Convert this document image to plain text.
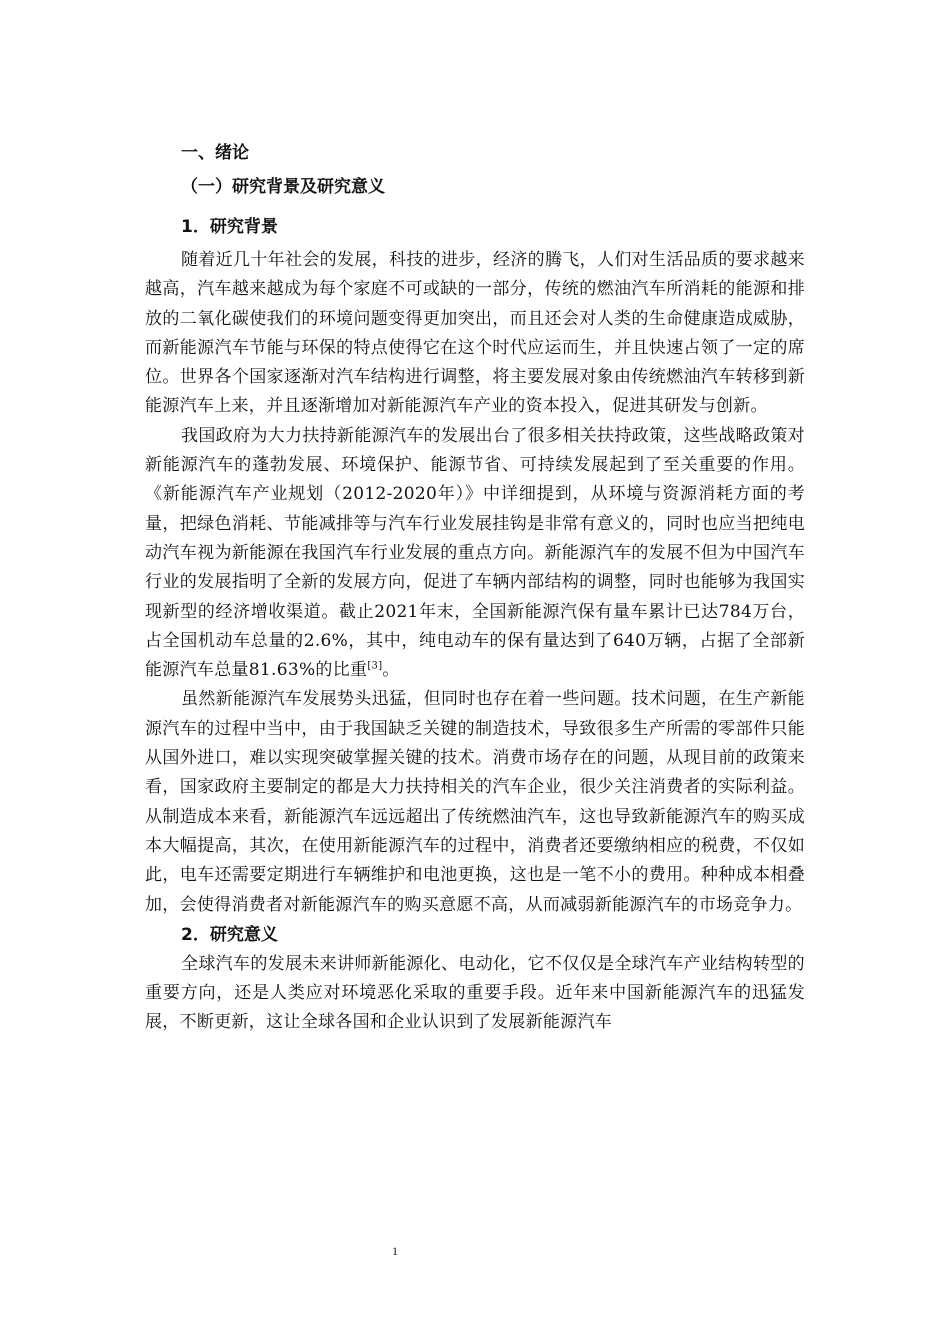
一、绪论
（一）研究背景及研究意义
1．研究背景

随着近几十年社会的发展，科技的进步，经济的腾飞，人们对生活品质的要求越来越高，汽车越来越成为每个家庭不可或缺的一部分，传统的燃油汽车所消耗的能源和排放的二氧化碳使我们的环境问题变得更加突出，而且还会对人类的生命健康造成威胁，而新能源汽车节能与环保的特点使得它在这个时代应运而生，并且快速占领了一定的席位。世界各个国家逐渐对汽车结构进行调整，将主要发展对象由传统燃油汽车转移到新能源汽车上来，并且逐渐增加对新能源汽车产业的资本投入，促进其研发与创新。

我国政府为大力扶持新能源汽车的发展出台了很多相关扶持政策，这些战略政策对新能源汽车的蓬勃发展、环境保护、能源节省、可持续发展起到了至关重要的作用。《新能源汽车产业规划（2012-2020年）》中详细提到，从环境与资源消耗方面的考量，把绿色消耗、节能减排等与汽车行业发展挂钩是非常有意义的，同时也应当把纯电动汽车视为新能源在我国汽车行业发展的重点方向。新能源汽车的发展不但为中国汽车行业的发展指明了全新的发展方向，促进了车辆内部结构的调整，同时也能够为我国实现新型的经济增收渠道。截止2021年末，全国新能源汽保有量车累计已达784万台，占全国机动车总量的2.6%，其中，纯电动车的保有量达到了640万辆，占据了全部新能源汽车总量81.63%的比重[3]。

虽然新能源汽车发展势头迅猛，但同时也存在着一些问题。技术问题，在生产新能源汽车的过程中当中，由于我国缺乏关键的制造技术，导致很多生产所需的零部件只能从国外进口，难以实现突破掌握关键的技术。消费市场存在的问题，从现目前的政策来看，国家政府主要制定的都是大力扶持相关的汽车企业，很少关注消费者的实际利益。从制造成本来看，新能源汽车远远超出了传统燃油汽车，这也导致新能源汽车的购买成本大幅提高，其次，在使用新能源汽车的过程中，消费者还要缴纳相应的税费，不仅如此，电车还需要定期进行车辆维护和电池更换，这也是一笔不小的费用。种种成本相叠加，会使得消费者对新能源汽车的购买意愿不高，从而减弱新能源汽车的市场竞争力。

2．研究意义

全球汽车的发展未来讲师新能源化、电动化，它不仅仅是全球汽车产业结构转型的重要方向，还是人类应对环境恶化采取的重要手段。近年来中国新能源汽车的迅猛发展，不断更新，这让全球各国和企业认识到了发展新能源汽车

1
